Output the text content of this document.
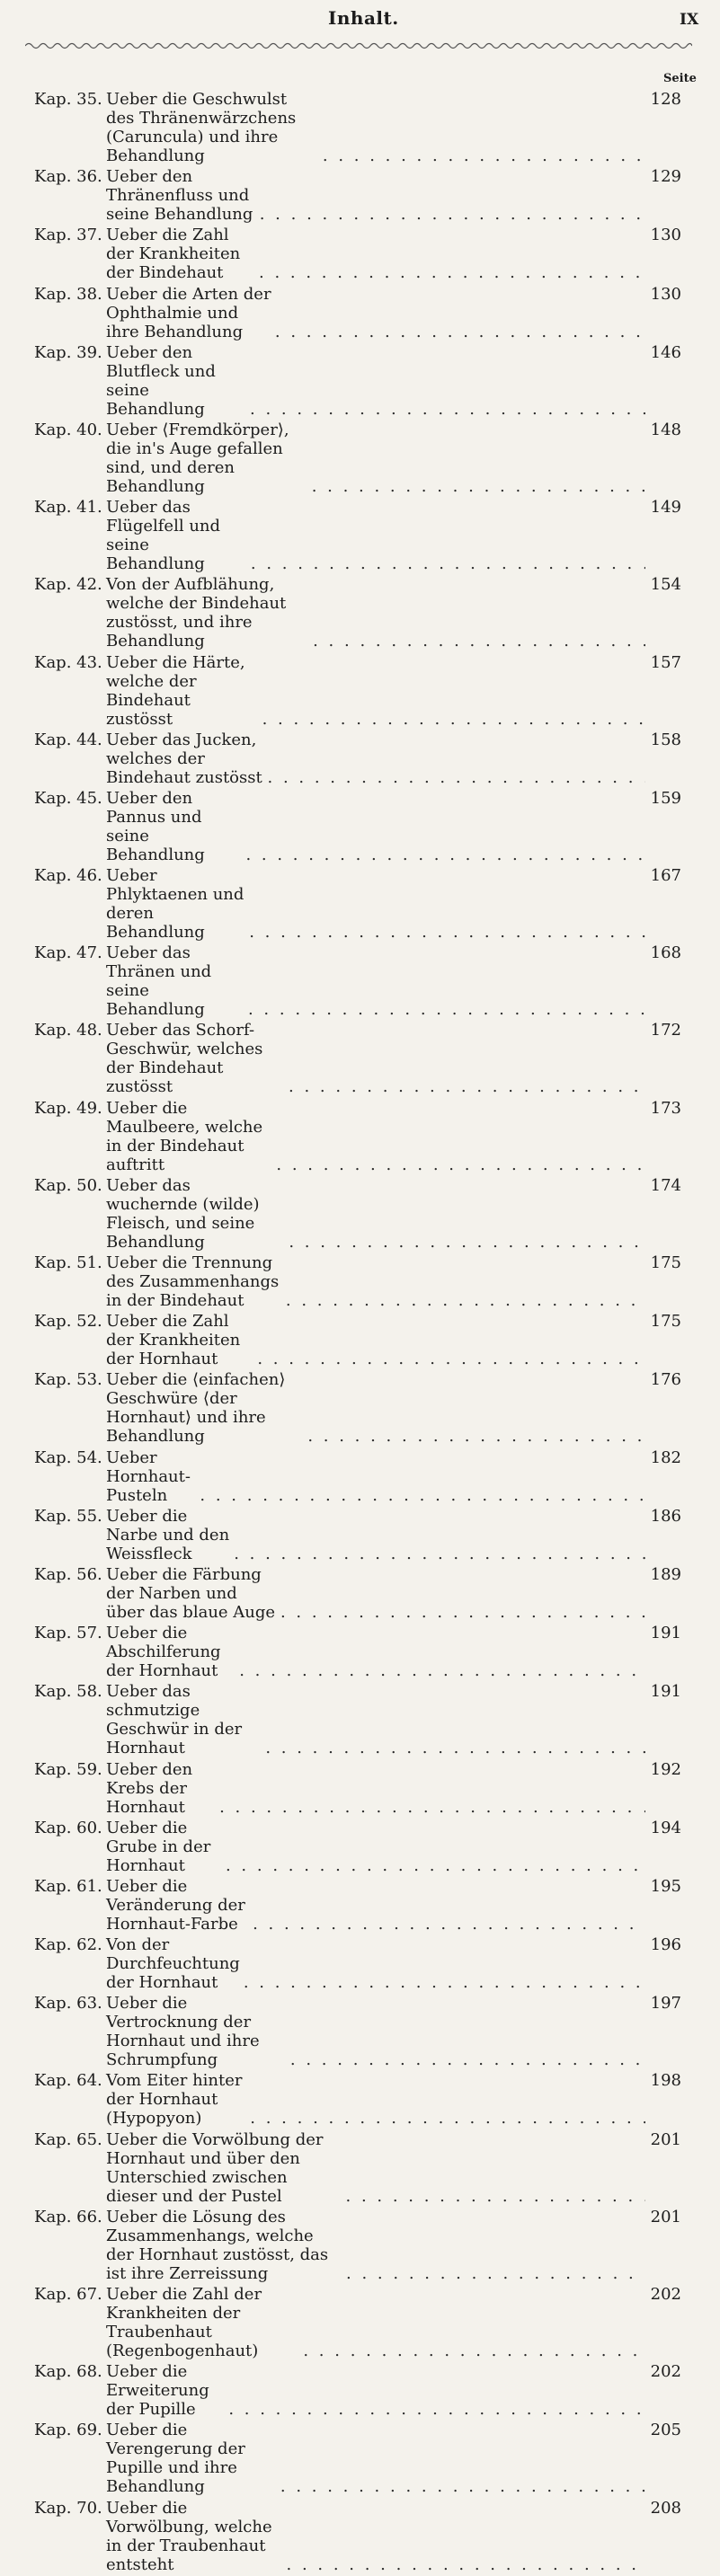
Inhalt.	IX
Seite
Kap. 35. Ueber die Geschwulst des Thränenwärzchens (Caruncula) und ihre Behandlung
. . .
128
Kap. 36. Ueber den Thränenfluss und seine Behandlung
. . .
129
Kap. 37. Ueber die Zahl der Krankheiten der Bindehaut
. . .
130
Kap. 38. Ueber die Arten der Ophthalmie und ihre Behandlung
. . .
130
Kap. 39. Ueber den Blutfleck und seine Behandlung
. . .
146
Kap. 40. Ueber ⟨Fremdkörper⟩, die in's Auge gefallen sind, und deren Behandlung
. . .
148
Kap. 41. Ueber das Flügelfell und seine Behandlung
. . .
149
Kap. 42. Von der Aufblähung, welche der Bindehaut zustösst, und ihre Behandlung
. . .
154
Kap. 43. Ueber die Härte, welche der Bindehaut zustösst
. . .
157
Kap. 44. Ueber das Jucken, welches der Bindehaut zustösst
. . .
158
Kap. 45. Ueber den Pannus und seine Behandlung
. . .
159
Kap. 46. Ueber Phlyktaenen und deren Behandlung
. . .
167
Kap. 47. Ueber das Thränen und seine Behandlung
. . .
168
Kap. 48. Ueber das Schorf-Geschwür, welches der Bindehaut zustösst
. . .
172
Kap. 49. Ueber die Maulbeere, welche in der Bindehaut auftritt
. . .
173
Kap. 50. Ueber das wuchernde (wilde) Fleisch, und seine Behandlung
. . .
174
Kap. 51. Ueber die Trennung des Zusammenhangs in der Bindehaut
. . .
175
Kap. 52. Ueber die Zahl der Krankheiten der Hornhaut
. . .
175
Kap. 53. Ueber die ⟨einfachen⟩ Geschwüre ⟨der Hornhaut⟩ und ihre Behandlung
. . .
176
Kap. 54. Ueber Hornhaut-Pusteln
. . .
182
Kap. 55. Ueber die Narbe und den Weissfleck
. . .
186
Kap. 56. Ueber die Färbung der Narben und über das blaue Auge
. . .
189
Kap. 57. Ueber die Abschilferung der Hornhaut
. . .
191
Kap. 58. Ueber das schmutzige Geschwür in der Hornhaut
. . .
191
Kap. 59. Ueber den Krebs der Hornhaut
. . .
192
Kap. 60. Ueber die Grube in der Hornhaut
. . .
194
Kap. 61. Ueber die Veränderung der Hornhaut-Farbe
. . .
195
Kap. 62. Von der Durchfeuchtung der Hornhaut
. . .
196
Kap. 63. Ueber die Vertrocknung der Hornhaut und ihre Schrumpfung
. . .
197
Kap. 64. Vom Eiter hinter der Hornhaut (Hypopyon)
. . .
198
Kap. 65. Ueber die Vorwölbung der Hornhaut und über den Unterschied zwischen dieser und der Pustel
. . .
201
Kap. 66. Ueber die Lösung des Zusammenhangs, welche der Hornhaut zustösst, das ist ihre Zerreissung
. . .
201
Kap. 67. Ueber die Zahl der Krankheiten der Traubenhaut (Regenbogenhaut)
. . .
202
Kap. 68. Ueber die Erweiterung der Pupille
. . .
202
Kap. 69. Ueber die Verengerung der Pupille und ihre Behandlung
. . .
205
Kap. 70. Ueber die Vorwölbung, welche in der Traubenhaut entsteht
. . .
208
